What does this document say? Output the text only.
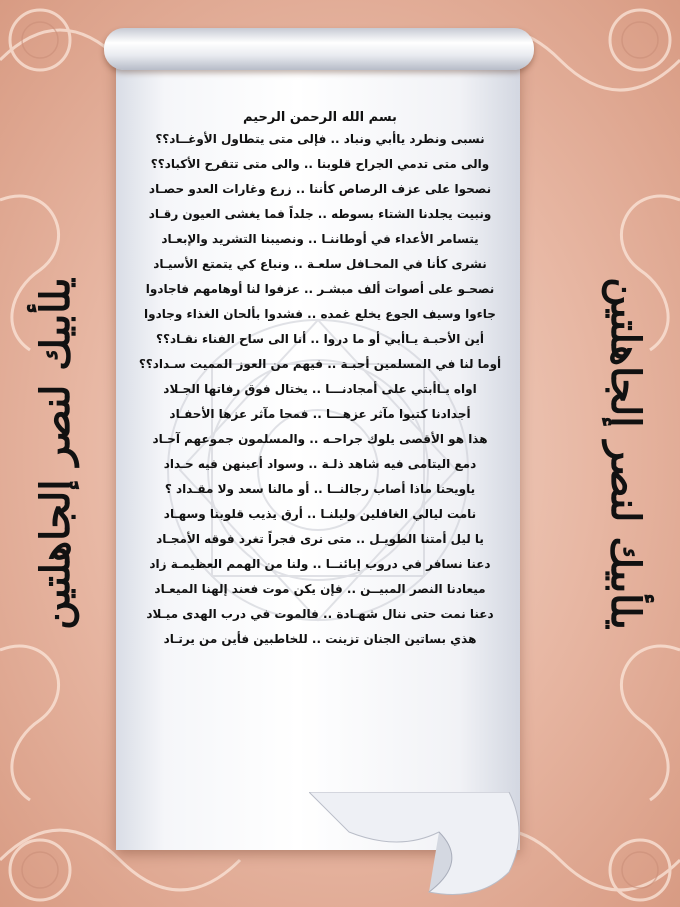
يلأبيك لنصر إلجاهلتين	يلأبيك لنصر إلجاهلتين
بسم الله الرحمن الرحيم
نسبى ونطرد ياأبي ونباد .. فإلى متى يتطاول الأوغــاد؟؟
والى متى تدمي الجراح قلوبنا .. والى متى تتقرح الأكباد؟؟
نصحوا على عزف الرصاص كأننا .. زرع وغارات العدو حصـاد
ونبيت يجلدنا الشتاء بسوطه .. جلداً فما يغشى العيون رقـاد
يتسامر الأعداء في أوطاننـا .. ونصيبنا التشريد والإبعـاد
نشرى كأنا في المحـافل سلعـة .. ونباع كي يتمتع الأسيـاد
نصحـو على أصوات ألف مبشـر .. عزفوا لنا أوهامهم فاجادوا
جاءوا وسيف الجوع يخلع غمده .. فشدوا بألحان الغذاء وجادوا
أين الأحبـة يـاأبي أو ما دروا .. أنا الى ساح الفناء نقـاد؟؟
أوما لنا في المسلمين أحبـة .. فيهم من العوز المميت سـداد؟؟
اواه يـاأبتي على أمجادنـــا .. يختال فوق رفاتها الجـلاد
أجدادنا كتبوا مآثر عزهـــا .. فمحا مآثر عزها الأحفـاد
هذا هو الأقصى يلوك جراحـه .. والمسلمون جموعهم آحـاد
دمع اليتامى فيه شاهد ذلـة .. وسواد أعينهن فيه حـداد
ياويحنا ماذا أصاب رجالنــا .. أو مالنا سعد ولا مقـداد ؟
نامت ليالي الغافلين وليلنـا .. أرق يذيب قلوبنا وسهـاد
يا ليل أمتنا الطويـل .. متى نرى فجراً تغرد فوقه الأمجـاد
دعنا نسافر في دروب إبائنــا .. ولنا من الهمم العظيمـة زاد
ميعادنا النصر المبيــن .. فإن يكن موت فعند إلهنا الميعـاد
دعنا نمت حتى ننال شهـادة .. فالموت في درب الهدى ميـلاد
هذي بساتين الجنان تزينت .. للخاطبين فأين من يرتـاد
